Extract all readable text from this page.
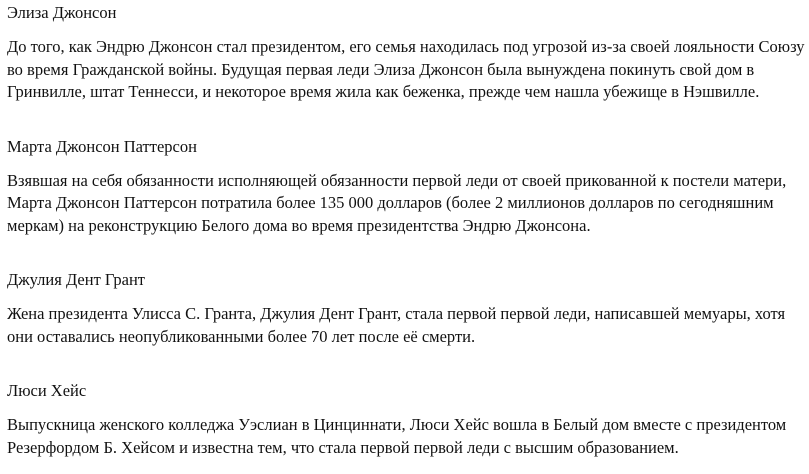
Элиза Джонсон

До того, как Эндрю Джонсон стал президентом, его семья находилась под угрозой из-за своей лояльности Союзу во время Гражданской войны. Будущая первая леди Элиза Джонсон была вынуждена покинуть свой дом в Гринвилле, штат Теннесси, и некоторое время жила как беженка, прежде чем нашла убежище в Нэшвилле.

Марта Джонсон Паттерсон

Взявшая на себя обязанности исполняющей обязанности первой леди от своей прикованной к постели матери, Марта Джонсон Паттерсон потратила более 135 000 долларов (более 2 миллионов долларов по сегодняшним меркам) на реконструкцию Белого дома во время президентства Эндрю Джонсона.

Джулия Дент Грант

Жена президента Улисса С. Гранта, Джулия Дент Грант, стала первой первой леди, написавшей мемуары, хотя они оставались неопубликованными более 70 лет после её смерти.

Люси Хейс

Выпускница женского колледжа Уэслиан в Цинциннати, Люси Хейс вошла в Белый дом вместе с президентом Резерфордом Б. Хейсом и известна тем, что стала первой первой леди с высшим образованием.
